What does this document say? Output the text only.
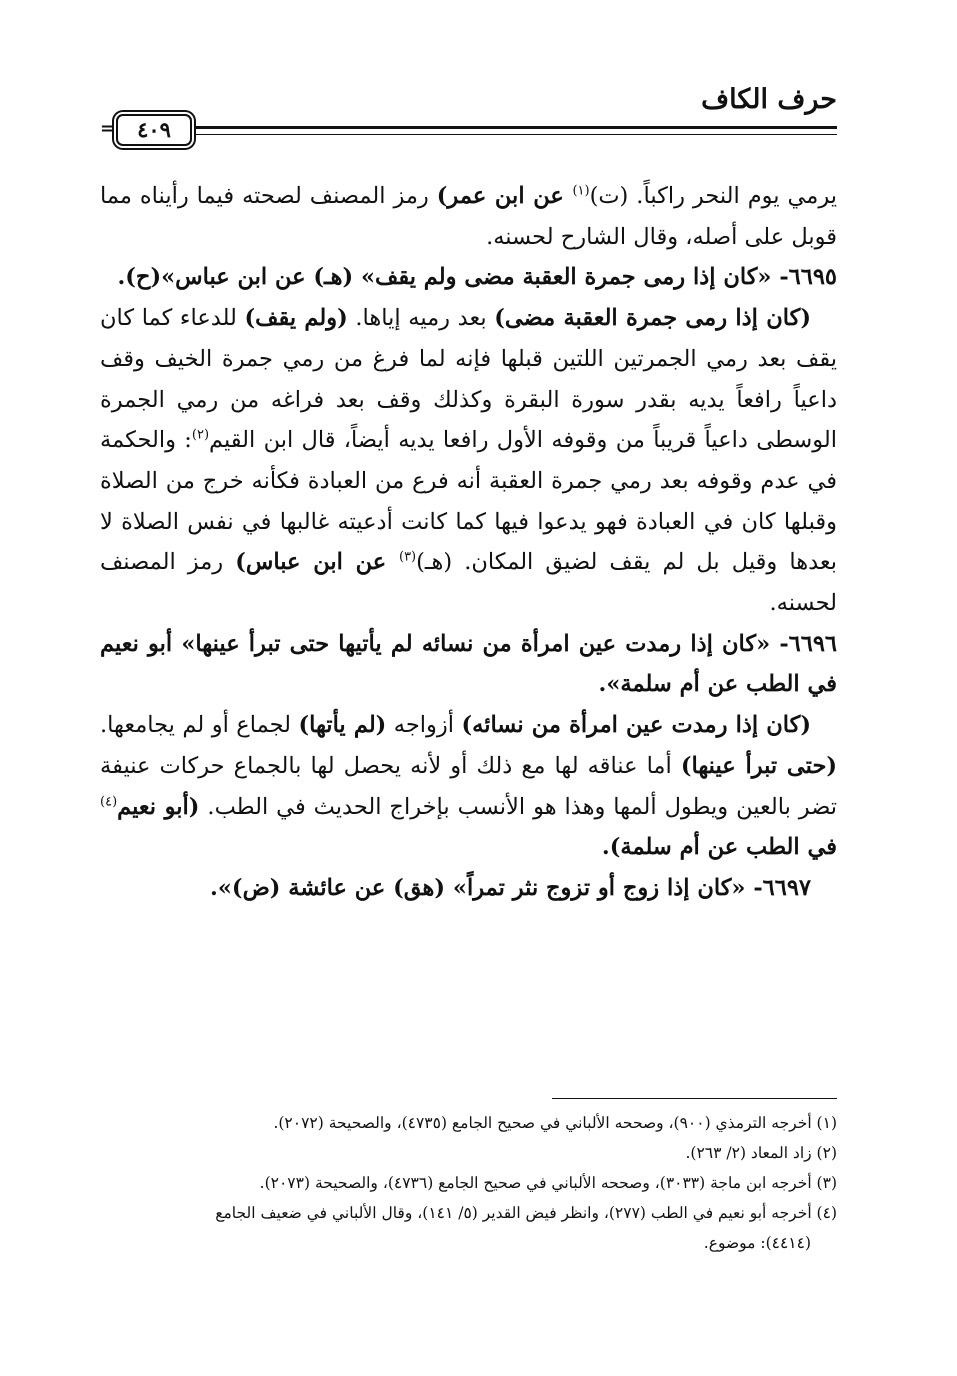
حرف الكاف
=	٤٠٩

يرمي يوم النحر راكباً. (ت)$^{(١)}$ عن ابن عمر) رمز المصنف لصحته فيما رأيناه مما قوبل على أصله، وقال الشارح لحسنه.

٦٦٩٥- «كان إذا رمى جمرة العقبة مضى ولم يقف» (هـ) عن ابن عباس»(ح).

(كان إذا رمى جمرة العقبة مضى) بعد رميه إياها. (ولم يقف) للدعاء كما كان يقف بعد رمي الجمرتين اللتين قبلها فإنه لما فرغ من رمي جمرة الخيف وقف داعياً رافعاً يديه بقدر سورة البقرة وكذلك وقف بعد فراغه من رمي الجمرة الوسطى داعياً قريباً من وقوفه الأول رافعا يديه أيضاً، قال ابن القيم$^{(٢)}$: والحكمة في عدم وقوفه بعد رمي جمرة العقبة أنه فرع من العبادة فكأنه خرج من الصلاة وقبلها كان في العبادة فهو يدعوا فيها كما كانت أدعيته غالبها في نفس الصلاة لا بعدها وقيل بل لم يقف لضيق المكان. (هـ)$^{(٣)}$ عن ابن عباس) رمز المصنف لحسنه.

٦٦٩٦- «كان إذا رمدت عين امرأة من نسائه لم يأتيها حتى تبرأ عينها» أبو نعيم في الطب عن أم سلمة».

(كان إذا رمدت عين امرأة من نسائه) أزواجه (لم يأتها) لجماع أو لم يجامعها. (حتى تبرأ عينها) أما عناقه لها مع ذلك أو لأنه يحصل لها بالجماع حركات عنيفة تضر بالعين ويطول ألمها وهذا هو الأنسب بإخراج الحديث في الطب. (أبو نعيم$^{(٤)}$ في الطب عن أم سلمة).

٦٦٩٧- «كان إذا زوج أو تزوج نثر تمراً» (هق) عن عائشة (ض)».

(١) أخرجه الترمذي (٩٠٠)، وصححه الألباني في صحيح الجامع (٤٧٣٥)، والصحيحة (٢٠٧٢).

(٢) زاد المعاد (٢/ ٢٦٣).

(٣) أخرجه ابن ماجة (٣٠٣٣)، وصححه الألباني في صحيح الجامع (٤٧٣٦)، والصحيحة (٢٠٧٣).

(٤) أخرجه أبو نعيم في الطب (٢٧٧)، وانظر فيض القدير (٥/ ١٤١)، وقال الألباني في ضعيف الجامع

(٤٤١٤): موضوع.
